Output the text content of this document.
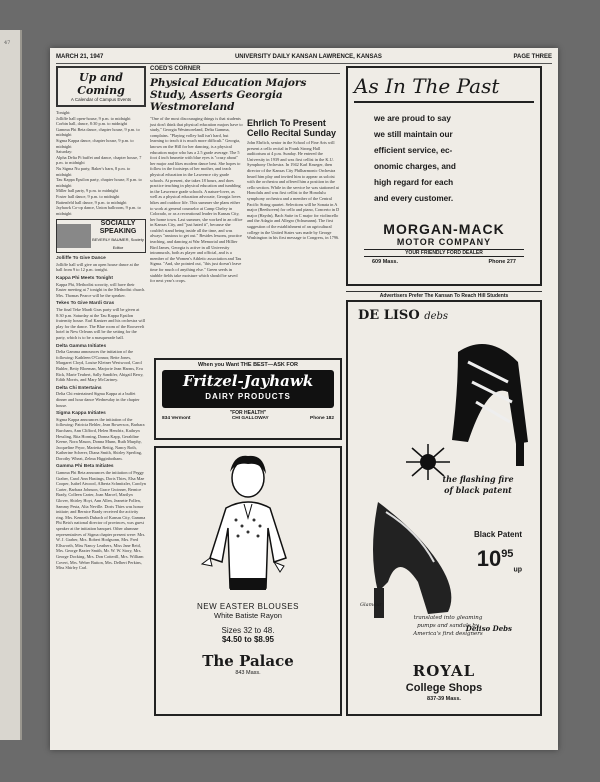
47
MARCH 21, 1947	UNIVERSITY DAILY KANSAN LAWRENCE, KANSAS	PAGE THREE
Up and Coming
A Calendar of Campus Events
Tonight:
Jolliffe hall open-house, 9 p.m. to midnight
Corbin hall, dance, 8:30 p.m. to midnight
Gamma Phi Beta dance, chapter house, 9 p.m. to midnight
Sigma Kappa dance, chapter house, 9 p.m. to midnight
Saturday:
Alpha Delta Pi buffet and dance, chapter house, 7 p.m. to midnight
Nu Sigma Nu party, Baker's barn, 8 p.m. to midnight
Tau Kappa Epsilon party, chapter house, 8 p.m. to midnight
Miller hall party, 9 p.m. to midnight
Foster hall dance, 9 p.m. to midnight
Battenfeld hall dance, 9 p.m. to midnight
Jayhawk Co-op dance, Union ballroom, 9 p.m. to midnight
SOCIALLY
SPEAKING
BEVERLY BAUMER, Society Editor
Jolliffe To Give Dance
Jolliffe hall will give an open house dance at the hall from 9 to 12 p.m. tonight.
Kappa Phi Meets Tonight
Kappa Phi, Methodist sorority, will have their Easter meeting at 7 tonight in the Methodist church. Mrs. Thomas Pearce will be the speaker.
Tekes To Give Mardi Gras
The final Teke Mardi Gras party will be given at 8:30 p.m. Saturday at the Tau Kappa Epsilon fraternity house. Earl Kantzer and his orchestra will play for the dance. The Blue room of the Roosevelt hotel in New Orleans will be the setting for the party, which is to be a masquerade ball.
Delta Gamma Initiates
Delta Gamma announces the initiation of the following: Kathleen O'Connor, Bette Jones, Margaret Cloyd, Louise Kleiner Westwood, Carol Buhler, Betty Bloeman, Marjorie Jean Harms, Eva Rick, Marie Teubert, Sally Sandifer, Abigail Berry, Edith Morris, and Mary McCartney.
Delta Chi Entertains
Delta Chi entertained Sigma Kappa at a buffet dinner and hour dance Wednesday in the chapter house.
Sigma Kappa Initiates
Sigma Kappa announces the initiation of the following: Patricia Behler, Jean Bowersox, Barbara Burcham, Ann Clifford, Helen Hendrix, Kathryn Hessling, Rita Horning, Donna Kapp, Geraldine Keene, Nora Mason, Donna Munn, Ruth Murphy, Jacqueline Pryor, Marietta Rettig, Nancy Roth, Katherine Scherer, Diana Smith, Shirley Sperling, Dorothy Wheat, Zelma Higginbotham.
Gamma Phi Beta Initiates
Gamma Phi Beta announces the initiation of Peggy Graber, Carol Ann Hastings, Doris Thies, Elsa Mae Cooper, Isabel Atwood, Alberta Schmitzler, Carolyn Carter, Barbara Johnson, Grace Gwinner, Bernice Brady, Colleen Carter, Joan Marcel, Marilyn Glover, Shirley Hoyt, Ann Allen, Jeanette Follen, Sammy Pesta, Alta Neville. Doris Thies was honor initiate; and Bernice Brady received the activity ring. Mrs. Kenneth Dubach of Kansas City, Gamma Phi Beta's national director of provinces, was guest speaker at the initiation banquet. Other alumnae representatives of Sigma chapter present were: Mrs. W. J. Graber, Mrs. Robert Hodgsonn, Mrs. Fred Ellsworth, Miss Nancy Leathers, Miss Jane Reid, Mrs. George Baxter Smith, Mr. W. W. Story, Mrs. George Docking, Mrs. Don Cotterill, Mrs. William Covert, Mrs. Weber Button, Mrs. Delbert Perkins, Miss Shirley Carl.
COED'S CORNER
Physical Education Majors Study, Asserts Georgia Westmoreland
"One of the most discouraging things is that students just don't think that physical education majors have to study," Georgia Westmoreland, Delta Gamma, complains. "Playing volley ball isn't hard, but learning to teach it is much more difficult." Georgia, known on the Hill for her dancing, is a physical education major who has a 2.5 grade average. The 5 foot 4 inch brunette with blue eyes is "crazy about" her major and likes modern dance best. She hopes to follow in the footsteps of her mother, and teach physical education in the Lawrence city grade schools. At present, she takes 18 hours, and does practice teaching in physical education and tumbling in the Lawrence grade schools. A nature-lover, as well as a physical education advocate, Georgia loves hikes and outdoor life. This summer she plans either to work at general counselor at Camp Cheley in Colorado, or as a recreational leader in Kansas City, her home town. Last summer, she worked in an office in Kansas City, and "just hated it", because she couldn't stand being inside all the time, and was always "anxious to get out." Besides lessons, practice teaching, and dancing at War Memorial and Hillier Bird James, Georgia is active in all University intramurals, both as player and official, and is a member of the Women's Athletic association and Tau Sigma. "And, she pointed out, "this just doesn't leave time for much of anything else." Green seeds in stubble fields take moisture which should be saved for next year's crops.
Ehrlich To Present Cello Recital Sunday
John Ehrlich, senior in the School of Fine Arts will present a cello recital in Frank Strong Hall auditorium at 4 p.m. Sunday. He entered the University in 1939 and was first cellist in the K.U. Symphony Orchestra. In 1942 Karl Krueger, then director of the Kansas City Philharmonic Orchestra heard him play and invited him to appear as soloist with the orchestra and offered him a position in the cello section. While in the service he was stationed at Honolulu and was first cellist to the Honolulu symphony orchestra and a member of the Central Pacific String quartet. Selections will be Sonata in A major (Beethoven) for cello and piano, Concerto in D major (Haydn), Bach Suite in C major for violincello and the Adagio and Allegro (Schumann). The first suggestion of the establishment of an agricultural college in the United States was made by George Washington in his first message to Congress, in 1796.
As In The Past
we are proud to say
we still maintain our
efficient service, ec-
onomic charges, and
high regard for each
and every customer.
MORGAN-MACK
MOTOR COMPANY
YOUR FRIENDLY FORD DEALER
609 Mass.	Phone 277
Advertisers Prefer The Kansan To Reach Hill Students
When you Want THE BEST—ASK FOR
Fritzel-Jayhawk
DAIRY PRODUCTS
"FOR HEALTH"
834 Vermont	CHI GALLOWAY	Phone 182
NEW EASTER BLOUSES
White Batiste Rayon
Sizes 32 to 48.
$4.50 to $8.95
The Palace
843 Mass.
DE LISO debs
the flashing fire
of black patent
Black Patent
$10^{95}_{up}$
Glamour
translated into gleaming
pumps and sandals by
America's first designers
Deliso Debs
ROYAL
College Shops
837-39 Mass.
